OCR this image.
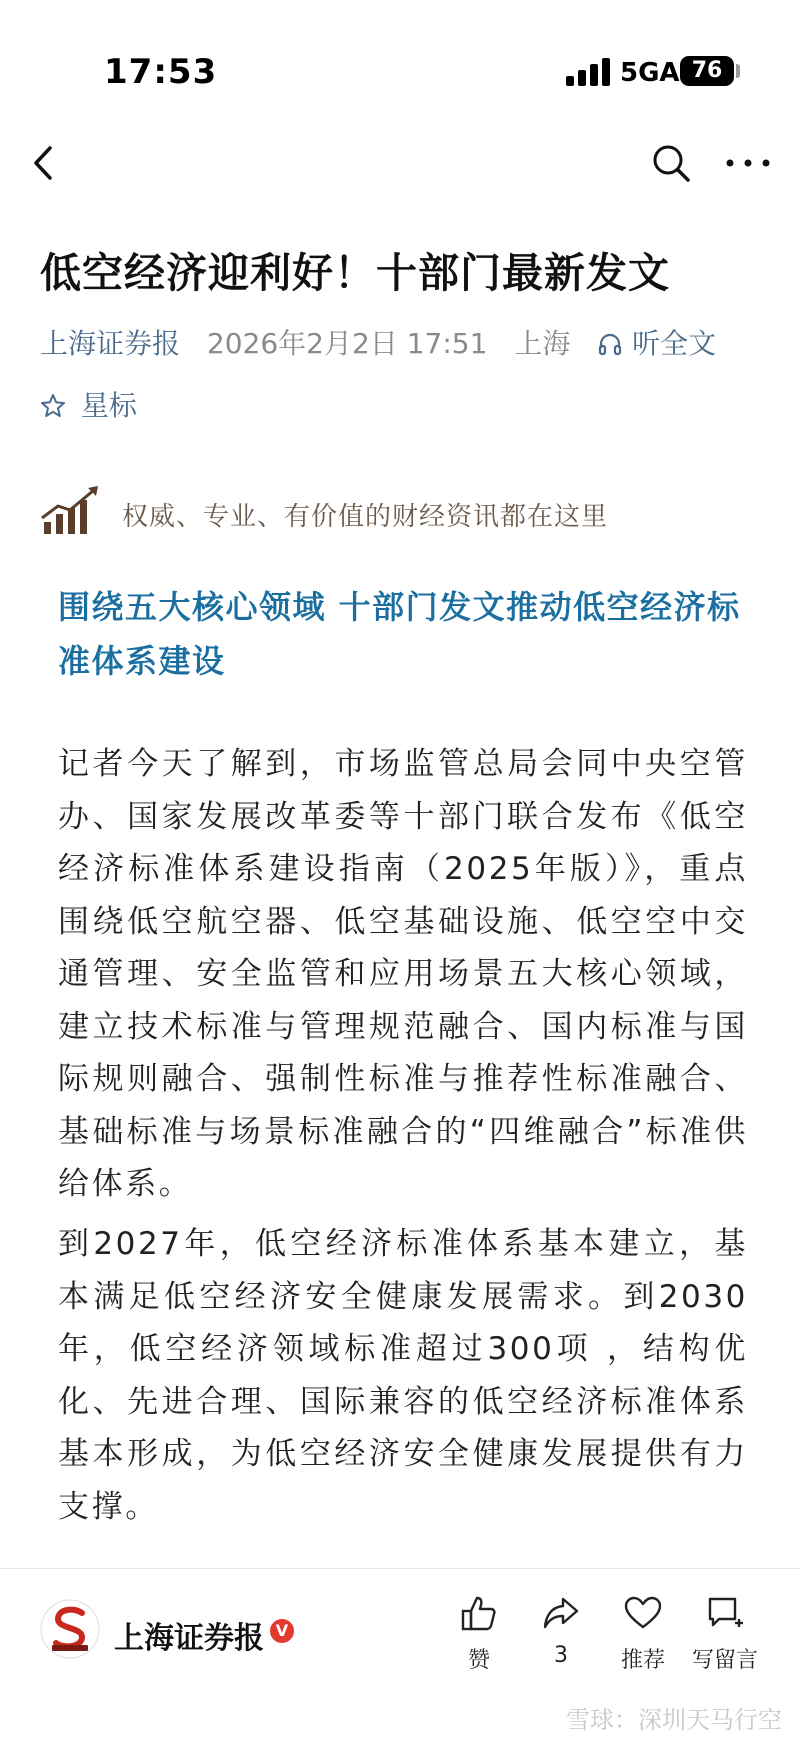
17:53	5GA 76
低空经济迎利好！十部门最新发文
上海证券报 2026年2月2日 17:51 上海 听全文
星标
权威、专业、有价值的财经资讯都在这里
围绕五大核心领域 十部门发文推动低空经济标准体系建设

记者今天了解到，市场监管总局会同中央空管办、国家发展改革委等十部门联合发布《低空经济标准体系建设指南（2025年版）》，重点围绕低空航空器、低空基础设施、低空空中交通管理、安全监管和应用场景五大核心领域，建立技术标准与管理规范融合、国内标准与国际规则融合、强制性标准与推荐性标准融合、基础标准与场景标准融合的“四维融合”标准供给体系。

到2027年，低空经济标准体系基本建立，基本满足低空经济安全健康发展需求。到2030年，低空经济领域标准超过300项 ，结构优化、先进合理、国际兼容的低空经济标准体系基本形成，为低空经济安全健康发展提供有力支撑。

上海证券报 V
赞	3	推荐	写留言
雪球：深圳天马行空
